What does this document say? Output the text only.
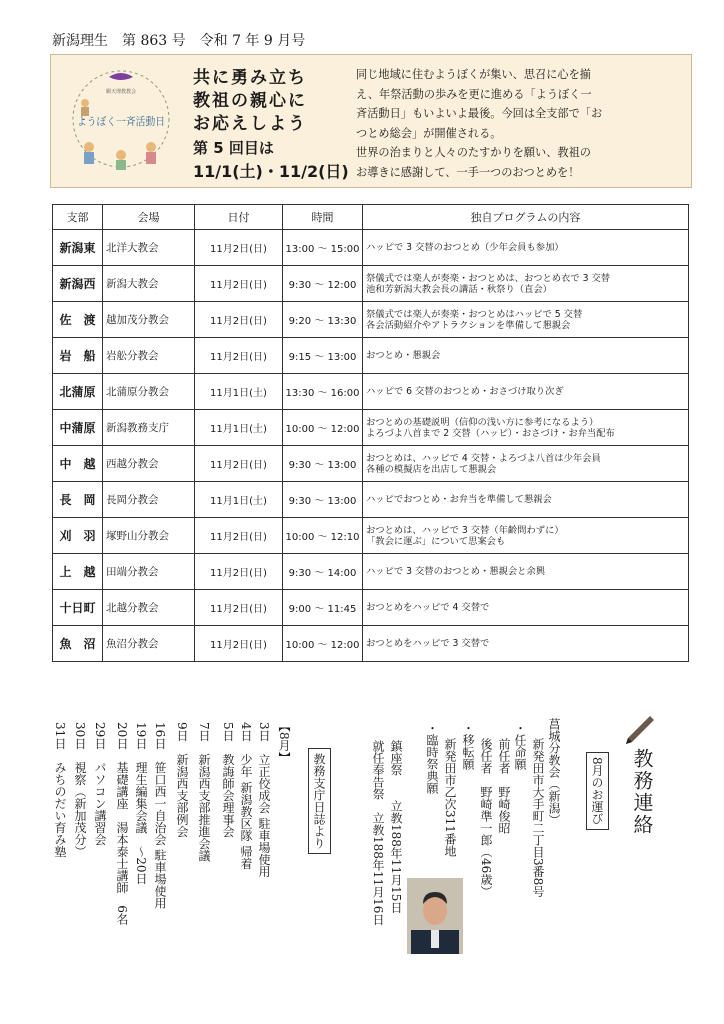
新潟理生　第 863 号　令和 7 年 9 月号
願天理教教会
ようぼく一斉活動日
共に勇み立ち
教祖の親心に
お応えしよう
第 5 回目は
11/1(土)・11/2(日)
同じ地域に住むようぼくが集い、思召に心を揃
え、年祭活動の歩みを更に進める「ようぼく一
斉活動日」もいよいよ最後。今回は全支部で「お
つとめ総会」が開催される。
世界の治まりと人々のたすかりを願い、教祖の
お導きに感謝して、一手一つのおつとめを！
支部	会場	日付	時間	独自プログラムの内容
新潟東	北洋大教会	11月2日(日)	13:00 ～ 15:00	ハッピで 3 交替のおつとめ（少年会員も参加）

新潟西	新潟大教会	11月2日(日)	9:30 ～ 12:00	祭儀式では楽人が奏楽・おつとめは、おつとめ衣で 3 交替
池和芳新潟大教会長の講話・秋祭り（直会）

佐　渡	越加茂分教会	11月2日(日)	9:20 ～ 13:30	祭儀式では楽人が奏楽・おつとめはハッピで 5 交替
各会活動紹介やアトラクションを準備して懇親会

岩　船	岩舩分教会	11月2日(日)	9:15 ～ 13:00	おつとめ・懇親会

北蒲原	北蒲原分教会	11月1日(土)	13:30 ～ 16:00	ハッピで 6 交替のおつとめ・おさづけ取り次ぎ

中蒲原	新潟教務支庁	11月1日(土)	10:00 ～ 12:00	おつとめの基礎説明（信仰の浅い方に参考になるよう）
よろづよ八首まで 2 交替（ハッピ）・おさづけ・お弁当配布

中　越	西越分教会	11月2日(日)	9:30 ～ 13:00	おつとめは、ハッピで 4 交替・よろづよ八首は少年会員
各種の模擬店を出店して懇親会

長　岡	長岡分教会	11月1日(土)	9:30 ～ 13:00	ハッピでおつとめ・お弁当を準備して懇親会

刈　羽	塚野山分教会	11月2日(日)	10:00 ～ 12:10	おつとめは、ハッピで 3 交替（年齢問わずに）
「教会に運ぶ」について思案会も

上　越	田端分教会	11月2日(日)	9:30 ～ 14:00	ハッピで 3 交替のおつとめ・懇親会と余興

十日町	北越分教会	11月2日(日)	9:00 ～ 11:45	おつとめをハッピで 4 交替で

魚　沼	魚沼分教会	11月2日(日)	10:00 ～ 12:00	おつとめをハッピで 3 交替で
教務連絡
8月のお運び
菖城分教会（新潟）
新発田市大手町二丁目3番8号
・任命願
前任者　野崎俊昭
後任者　野崎準一郎（46歳）
・移転願
新発田市乙次311番地
・臨時祭典願
鎮座祭　　立教188年11月15日
就任奉告祭　立教188年11月16日
教務支庁日誌より
【8月】
3日　立正佼成会 駐車場使用
4日　少年 新潟教区隊 帰着
5日　教誨師会理事会
7日　新潟西支部推進会議
9日　新潟西支部例会
16日　笹口西一自治会 駐車場使用
19日　理生編集会議　～20日
20日　基礎講座　湯本泰士講師　6名
29日　パソコン講習会
30日　視察（新加茂分）
31日　みちのだい育み塾
